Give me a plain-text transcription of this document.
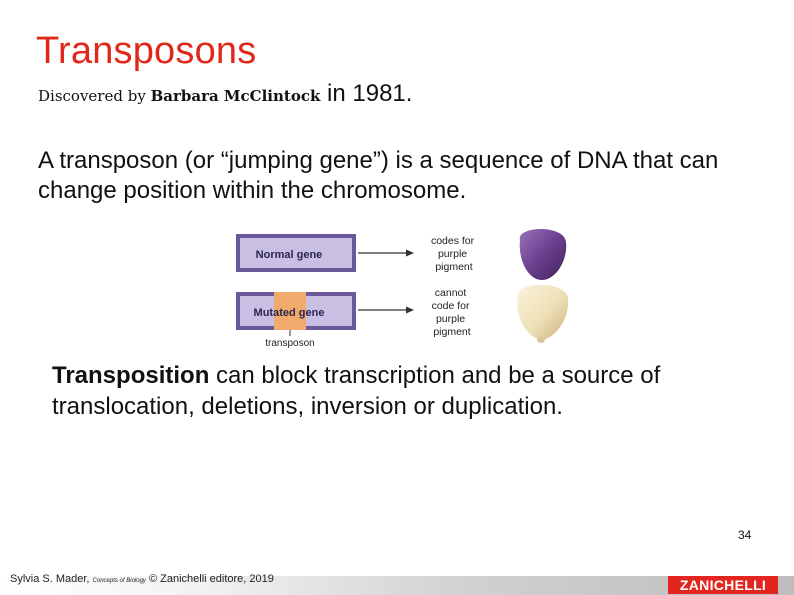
Transposons
Discovered by Barbara McClintock in 1981.
A transposon (or “jumping gene”) is a sequence of DNA that can change position within the chromosome.
Normal gene
codes for purple pigment
Mutated gene
transposon
cannot code for purple pigment
Transposition can block transcription and be a source of translocation, deletions, inversion or duplication.
34
Sylvia S. Mader, Concepts of Biology © Zanichelli editore, 2019	ZANICHELLI
